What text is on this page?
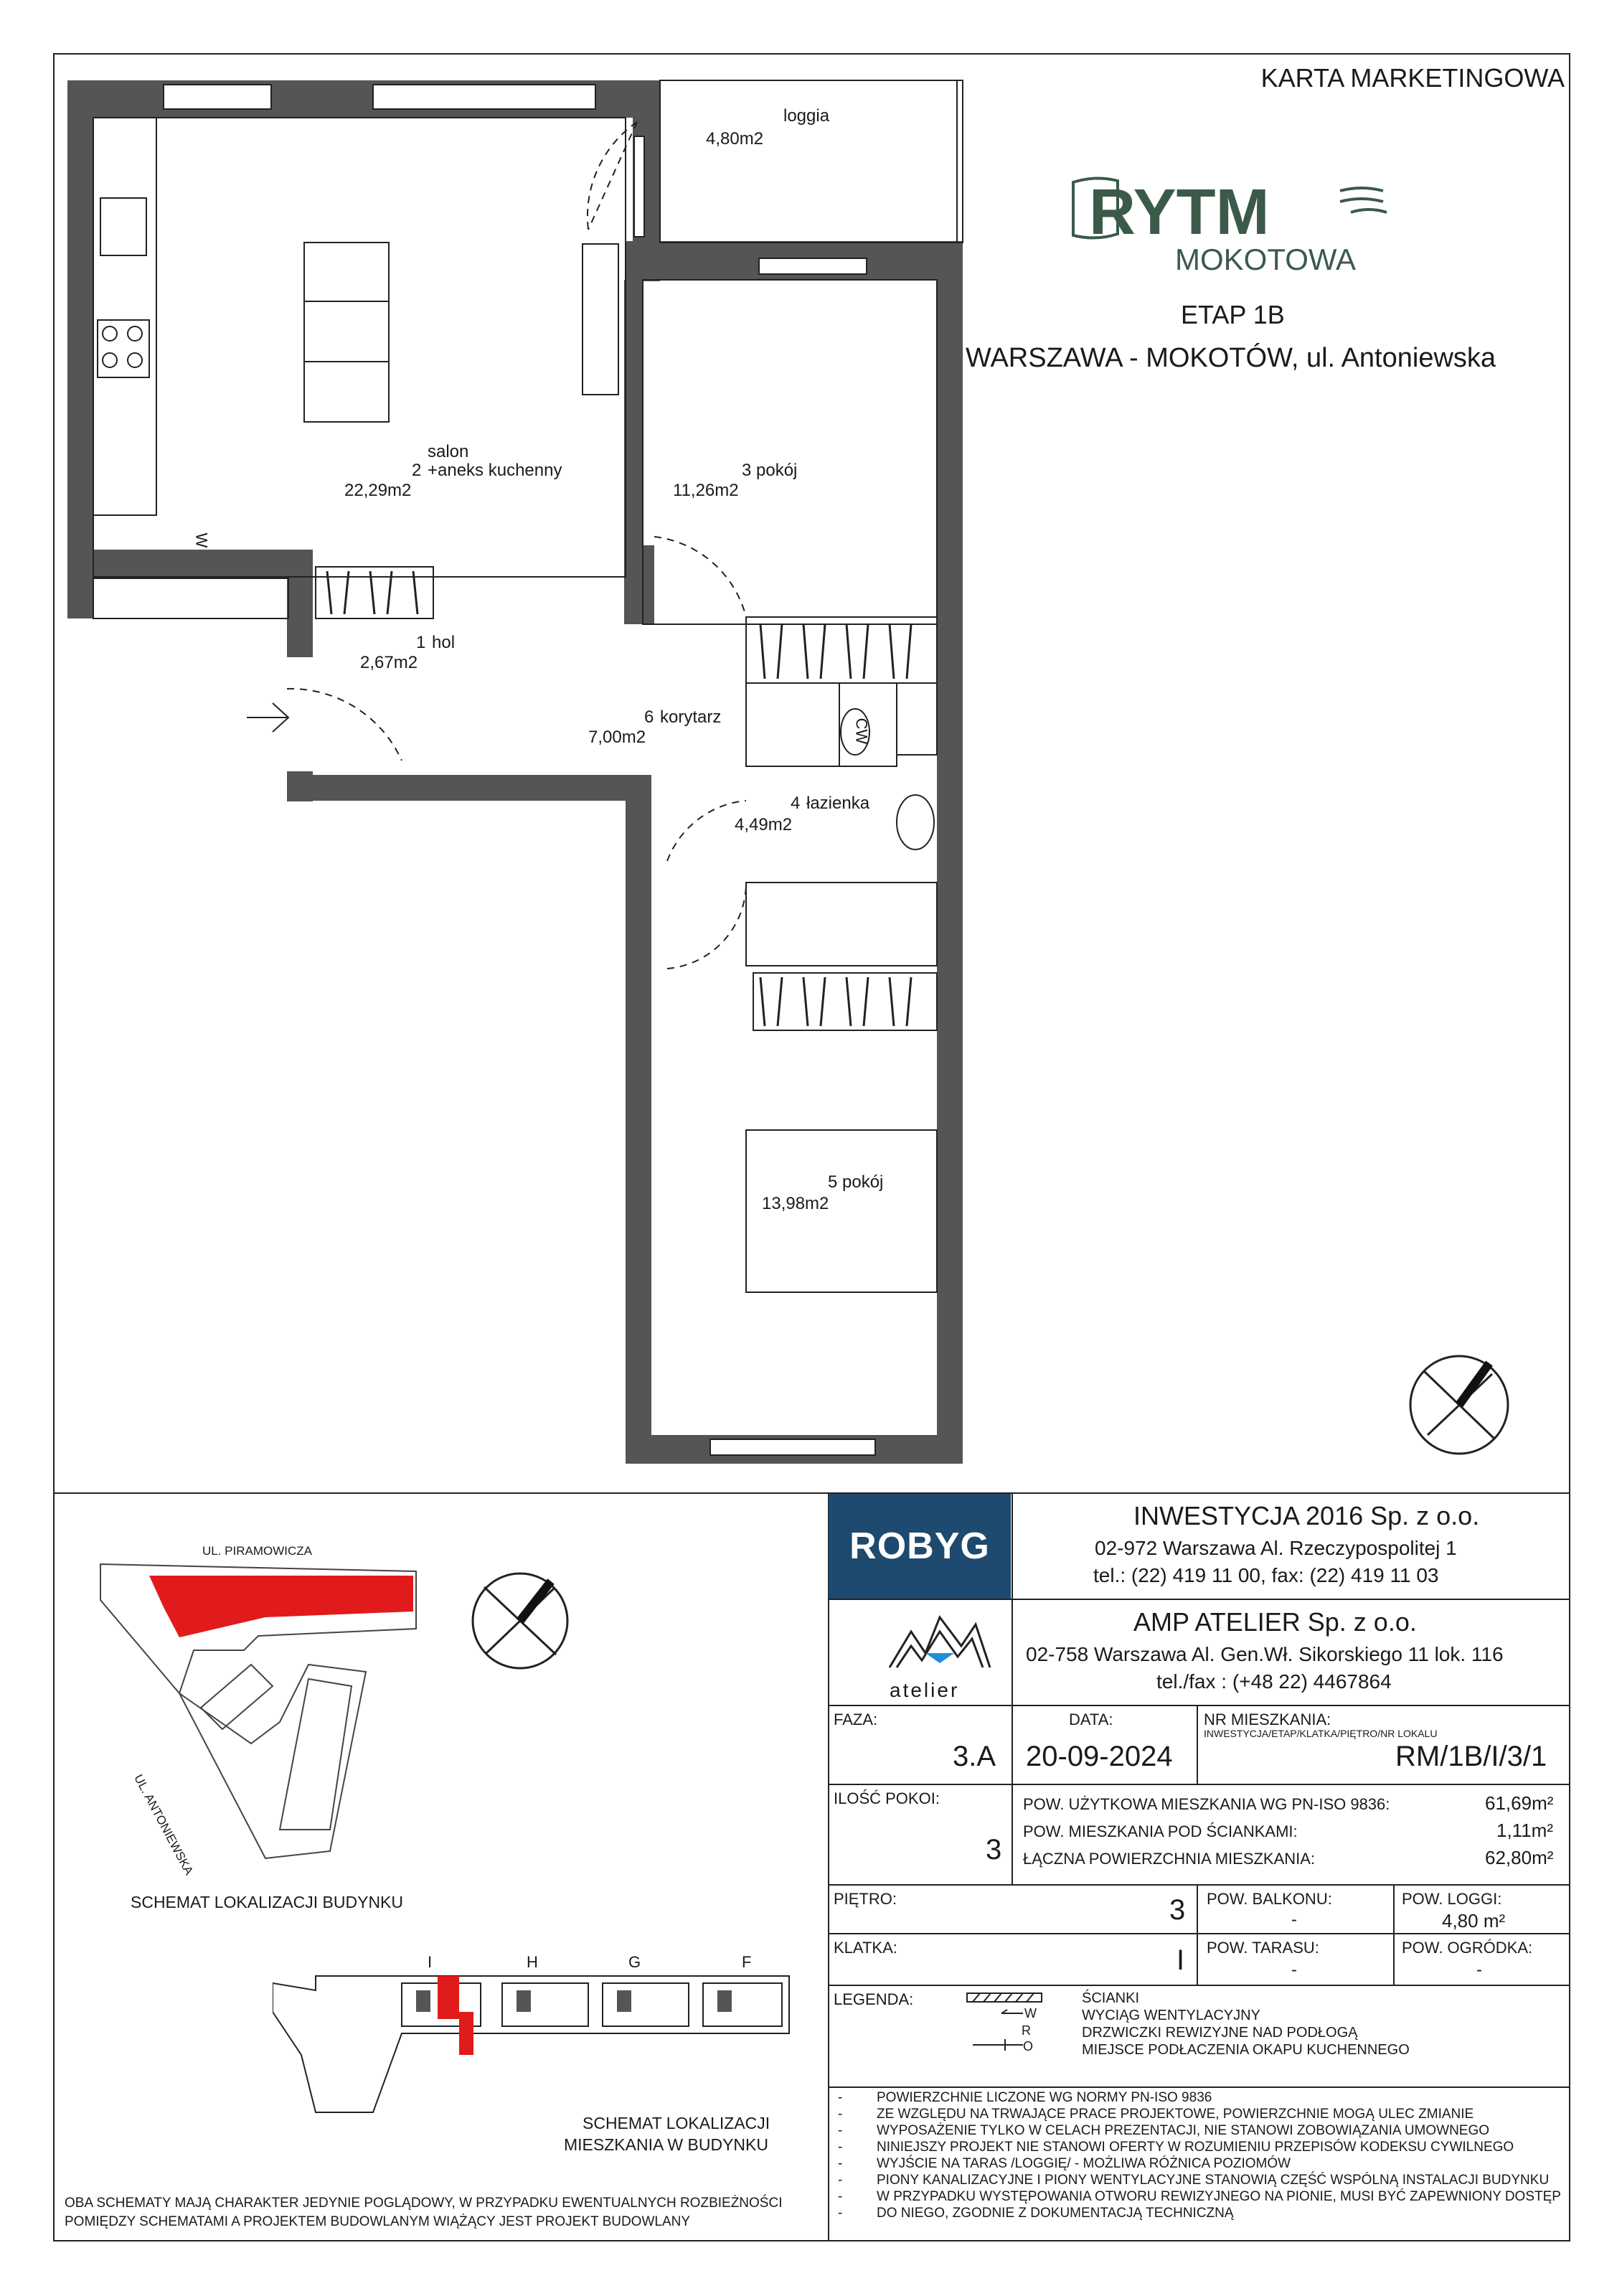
KARTA MARKETINGOWA
RYTM
MOKOTOWA
ETAP 1B
WARSZAWA - MOKOTÓW, ul. Antoniewska
salon
2 +aneks kuchenny
22,29m2
loggia
4,80m2
3 pokój
11,26m2
1 hol
2,67m2
6 korytarz
7,00m2
4 łazienka
4,49m2
5 pokój
13,98m2
CW
W
UL. PIRAMOWICZA
UL. ANTONIEWSKA
SCHEMAT LOKALIZACJI BUDYNKU
I	H	G	F
SCHEMAT LOKALIZACJI
MIESZKANIA W BUDYNKU
OBA SCHEMATY MAJĄ CHARAKTER JEDYNIE POGLĄDOWY, W PRZYPADKU EWENTUALNYCH ROZBIEŻNOŚCI
POMIĘDZY SCHEMATAMI A PROJEKTEM BUDOWLANYM WIĄŻĄCY JEST PROJEKT BUDOWLANY
ROBYG
INWESTYCJA 2016 Sp. z o.o.
02-972 Warszawa Al. Rzeczypospolitej 1
tel.: (22) 419 11 00, fax: (22) 419 11 03
atelier
AMP ATELIER Sp. z o.o.
02-758 Warszawa Al. Gen.Wł. Sikorskiego 11 lok. 116
tel./fax : (+48 22) 4467864
FAZA:
3.A
DATA:
20-09-2024
NR MIESZKANIA:
INWESTYCJA/ETAP/KLATKA/PIĘTRO/NR LOKALU
RM/1B/I/3/1
ILOŚĆ POKOI:
3
POW. UŻYTKOWA MIESZKANIA WG PN-ISO 9836:	61,69m²
POW. MIESZKANIA POD ŚCIANKAMI:	1,11m²
ŁĄCZNA POWIERZCHNIA MIESZKANIA:	62,80m²
PIĘTRO:	3 POW. BALKONU:
-
POW. LOGGI:
4,80 m²
KLATKA:	I POW. TARASU:
-
POW. OGRÓDKA:
-
LEGENDA:
W
R
O
ŚCIANKI
WYCIĄG WENTYLACYJNY
DRZWICZKI REWIZYJNE NAD PODŁOGĄ
MIEJSCE PODŁACZENIA OKAPU KUCHENNEGO
- POWIERZCHNIE LICZONE WG NORMY PN-ISO 9836
- ZE WZGLĘDU NA TRWAJĄCE PRACE PROJEKTOWE, POWIERZCHNIE MOGĄ ULEC ZMIANIE
- WYPOSAŻENIE TYLKO W CELACH PREZENTACJI, NIE STANOWI ZOBOWIĄZANIA UMOWNEGO
- NINIEJSZY PROJEKT NIE STANOWI OFERTY W ROZUMIENIU PRZEPISÓW KODEKSU CYWILNEGO
- WYJŚCIE NA TARAS /LOGGIĘ/ - MOŻLIWA RÓŻNICA POZIOMÓW
- PIONY KANALIZACYJNE I PIONY WENTYLACYJNE STANOWIĄ CZĘŚĆ WSPÓLNĄ INSTALACJI BUDYNKU
- W PRZYPADKU WYSTĘPOWANIA OTWORU REWIZYJNEGO NA PIONIE, MUSI BYĆ ZAPEWNIONY DOSTĘP
- DO NIEGO, ZGODNIE Z DOKUMENTACJĄ TECHNICZNĄ
